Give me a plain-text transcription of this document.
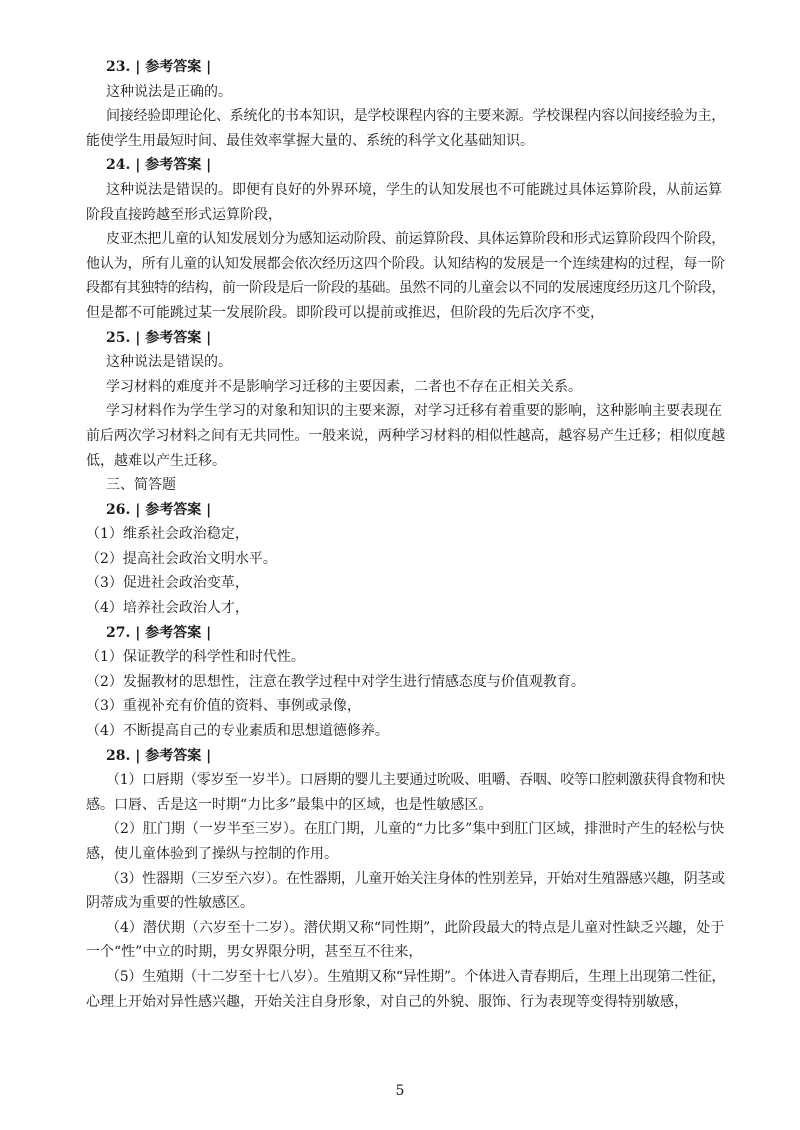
23. | 参考答案 |
这种说法是正确的。
间接经验即理论化、系统化的书本知识，是学校课程内容的主要来源。学校课程内容以间接经验为主，
能使学生用最短时间、最佳效率掌握大量的、系统的科学文化基础知识。
24. | 参考答案 |
这种说法是错误的。即便有良好的外界环境，学生的认知发展也不可能跳过具体运算阶段，从前运算
阶段直接跨越至形式运算阶段，
皮亚杰把儿童的认知发展划分为感知运动阶段、前运算阶段、具体运算阶段和形式运算阶段四个阶段，
他认为，所有儿童的认知发展都会依次经历这四个阶段。认知结构的发展是一个连续建构的过程，每一阶
段都有其独特的结构，前一阶段是后一阶段的基础。虽然不同的儿童会以不同的发展速度经历这几个阶段，
但是都不可能跳过某一发展阶段。即阶段可以提前或推迟，但阶段的先后次序不变，
25. | 参考答案 |
这种说法是错误的。
学习材料的难度并不是影响学习迁移的主要因素，二者也不存在正相关关系。
学习材料作为学生学习的对象和知识的主要来源，对学习迁移有着重要的影响，这种影响主要表现在
前后两次学习材料之间有无共同性。一般来说，两种学习材料的相似性越高，越容易产生迁移；相似度越
低，越难以产生迁移。
三、简答题
26. | 参考答案 |
（1）维系社会政治稳定，
（2）提高社会政治文明水平。
（3）促进社会政治变革，
（4）培养社会政治人才，
27. | 参考答案 |
（1）保证教学的科学性和时代性。
（2）发掘教材的思想性，注意在教学过程中对学生进行情感态度与价值观教育。
（3）重视补充有价值的资料、事例或录像，
（4）不断提高自己的专业素质和思想道德修养。
28. | 参考答案 |
（1）口唇期（零岁至一岁半）。口唇期的婴儿主要通过吮吸、咀嚼、吞咽、咬等口腔刺激获得食物和快
感。口唇、舌是这一时期“力比多”最集中的区域，也是性敏感区。
（2）肛门期（一岁半至三岁）。在肛门期，儿童的“力比多”集中到肛门区域，排泄时产生的轻松与快
感，使儿童体验到了操纵与控制的作用。
（3）性器期（三岁至六岁）。在性器期，儿童开始关注身体的性别差异，开始对生殖器感兴趣，阴茎或
阴蒂成为重要的性敏感区。
（4）潜伏期（六岁至十二岁）。潜伏期又称“同性期”，此阶段最大的特点是儿童对性缺乏兴趣，处于
一个“性”中立的时期，男女界限分明，甚至互不往来，
（5）生殖期（十二岁至十七八岁）。生殖期又称“异性期”。个体进入青春期后，生理上出现第二性征，
心理上开始对异性感兴趣，开始关注自身形象，对自己的外貌、服饰、行为表现等变得特别敏感，
5
